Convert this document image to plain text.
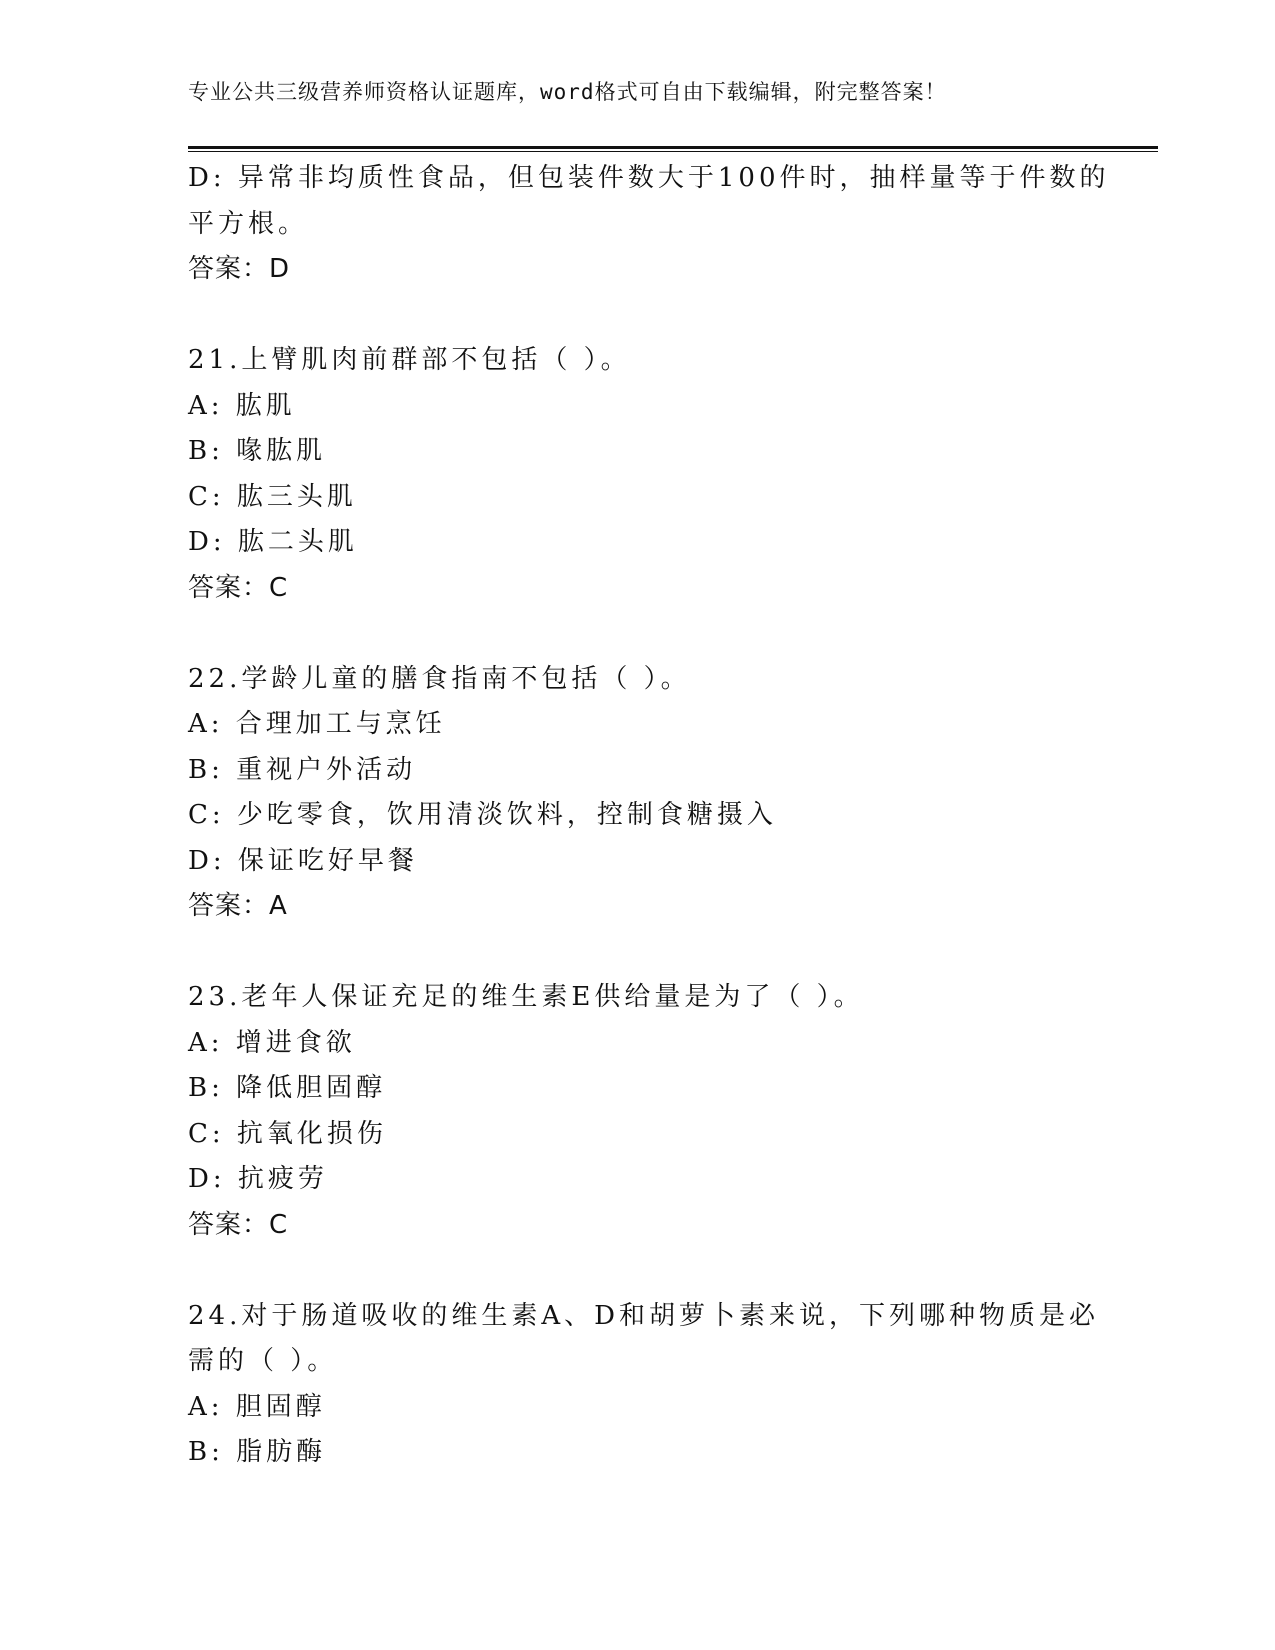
专业公共三级营养师资格认证题库，word格式可自由下载编辑，附完整答案！
D: 异常非均质性食品，但包装件数大于100件时，抽样量等于件数的
平方根。
答案：D
21.上臂肌肉前群部不包括（ ）。
A: 肱肌
B: 喙肱肌
C: 肱三头肌
D: 肱二头肌
答案：C
22.学龄儿童的膳食指南不包括（ ）。
A: 合理加工与烹饪
B: 重视户外活动
C: 少吃零食，饮用清淡饮料，控制食糖摄入
D: 保证吃好早餐
答案：A
23.老年人保证充足的维生素E供给量是为了（ ）。
A: 增进食欲
B: 降低胆固醇
C: 抗氧化损伤
D: 抗疲劳
答案：C
24.对于肠道吸收的维生素A、D和胡萝卜素来说，下列哪种物质是必
需的（ ）。
A: 胆固醇
B: 脂肪酶
